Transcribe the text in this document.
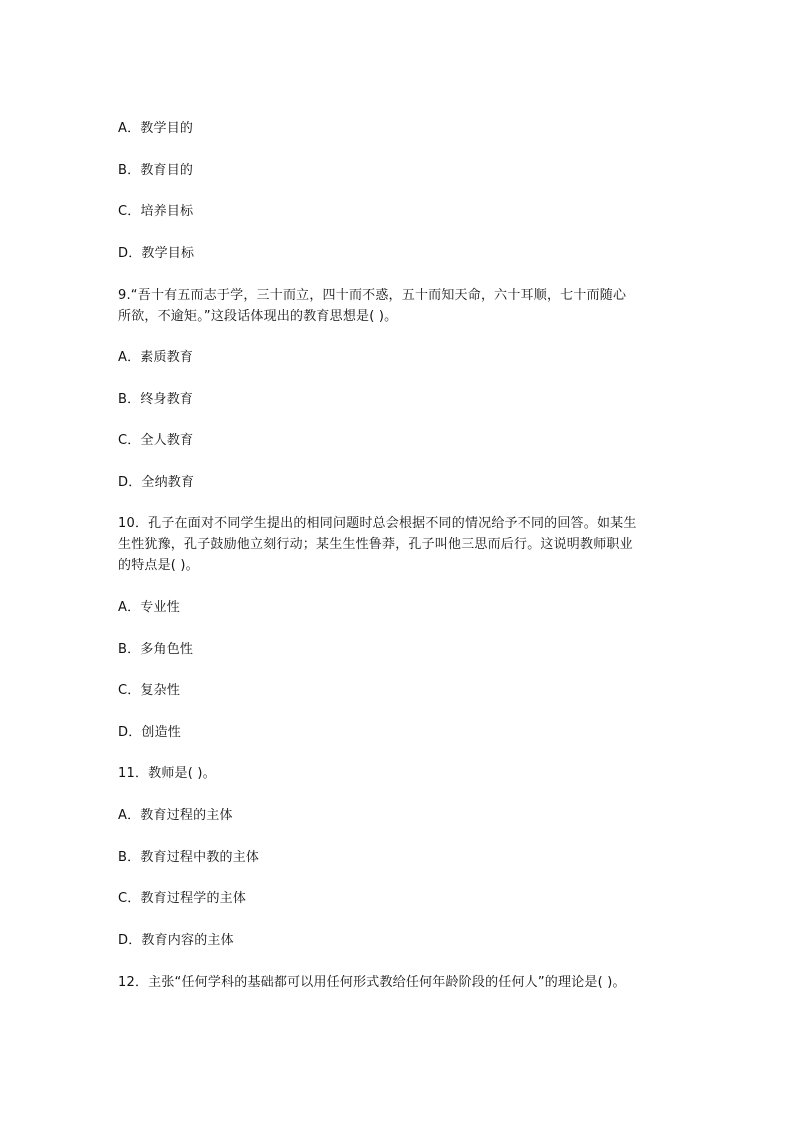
A．教学目的
B．教育目的
C．培养目标
D．教学目标
9.“吾十有五而志于学，三十而立，四十而不惑，五十而知天命，六十耳顺，七十而随心
所欲，不逾矩。”这段话体现出的教育思想是( )。
A．素质教育
B．终身教育
C．全人教育
D．全纳教育
10．孔子在面对不同学生提出的相同问题时总会根据不同的情况给予不同的回答。如某生
生性犹豫，孔子鼓励他立刻行动；某生生性鲁莽，孔子叫他三思而后行。这说明教师职业
的特点是( )。
A．专业性
B．多角色性
C．复杂性
D．创造性
11．教师是( )。
A．教育过程的主体
B．教育过程中教的主体
C．教育过程学的主体
D．教育内容的主体
12．主张“任何学科的基础都可以用任何形式教给任何年龄阶段的任何人”的理论是( )。
